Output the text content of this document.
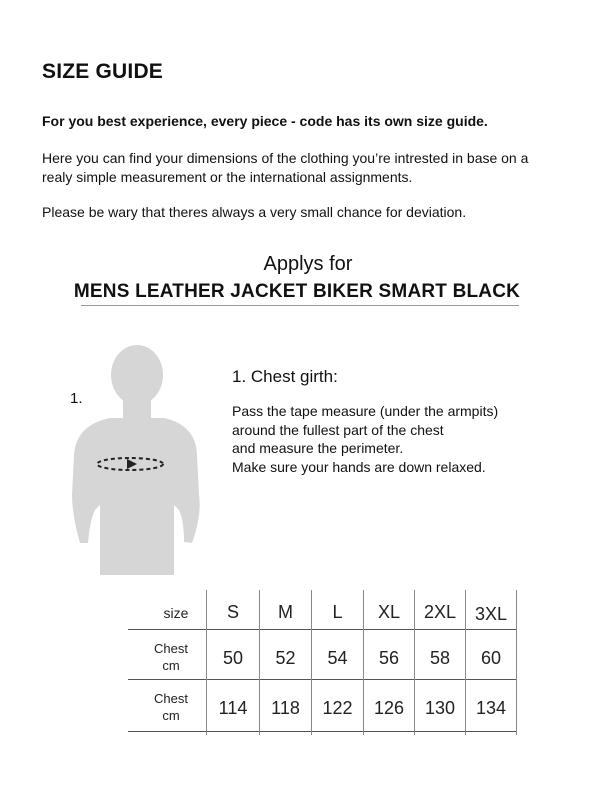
SIZE GUIDE
For you best experience, every piece - code has its own size guide.
Here you can find your dimensions of the clothing you’re intrested in base on a
realy simple measurement or the international assignments.
Please be wary that theres always a very small chance for deviation.
Applys for
MENS LEATHER JACKET BIKER SMART BLACK
1.
1. Chest girth:
Pass the tape measure (under the armpits)
around the fullest part of the chest
and measure the perimeter.
Make sure your hands are down relaxed.
size	S	M	L	XL	2XL	3XL
Chest
cm	50	52	54	56	58	60
Chest
cm	114	118	122	126	130	134
